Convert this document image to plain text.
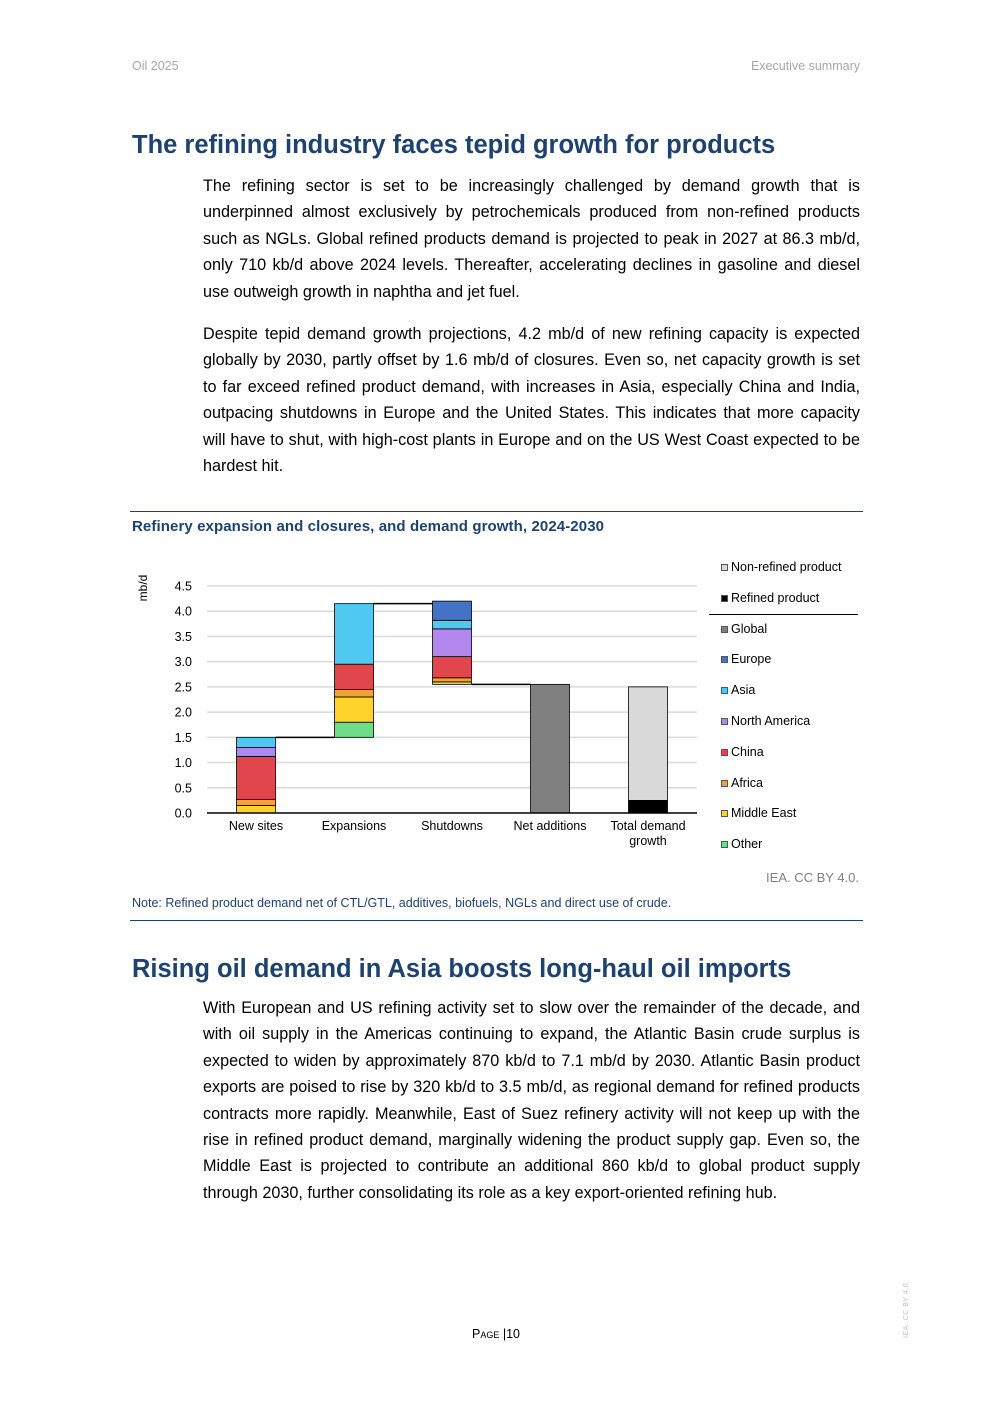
Oil 2025	Executive summary
The refining industry faces tepid growth for products

The refining sector is set to be increasingly challenged by demand growth that is underpinned almost exclusively by petrochemicals produced from non-refined products such as NGLs. Global refined products demand is projected to peak in 2027 at 86.3 mb/d, only 710 kb/d above 2024 levels. Thereafter, accelerating declines in gasoline and diesel use outweigh growth in naphtha and jet fuel.

Despite tepid demand growth projections, 4.2 mb/d of new refining capacity is expected globally by 2030, partly offset by 1.6 mb/d of closures. Even so, net capacity growth is set to far exceed refined product demand, with increases in Asia, especially China and India, outpacing shutdowns in Europe and the United States. This indicates that more capacity will have to shut, with high-cost plants in Europe and on the US West Coast expected to be hardest hit.

Refinery expansion and closures, and demand growth, 2024-2030
0.0
0.5
1.0
1.5
2.0
2.5
3.0
3.5
4.0
4.5
mb/d
New sites	Expansions	Shutdowns Net additions Total demand growth
Non-refined product
Refined product
Global
Europe
Asia
North America
China
Africa
Middle East
Other
IEA. CC BY 4.0.
Note: Refined product demand net of CTL/GTL, additives, biofuels, NGLs and direct use of crude.
Rising oil demand in Asia boosts long-haul oil imports

With European and US refining activity set to slow over the remainder of the decade, and with oil supply in the Americas continuing to expand, the Atlantic Basin crude surplus is expected to widen by approximately 870 kb/d to 7.1 mb/d by 2030. Atlantic Basin product exports are poised to rise by 320 kb/d to 3.5 mb/d, as regional demand for refined products contracts more rapidly. Meanwhile, East of Suez refinery activity will not keep up with the rise in refined product demand, marginally widening the product supply gap. Even so, the Middle East is projected to contribute an additional 860 kb/d to global product supply through 2030, further consolidating its role as a key export-oriented refining hub.

Page |10	IEA. CC BY 4.0.
